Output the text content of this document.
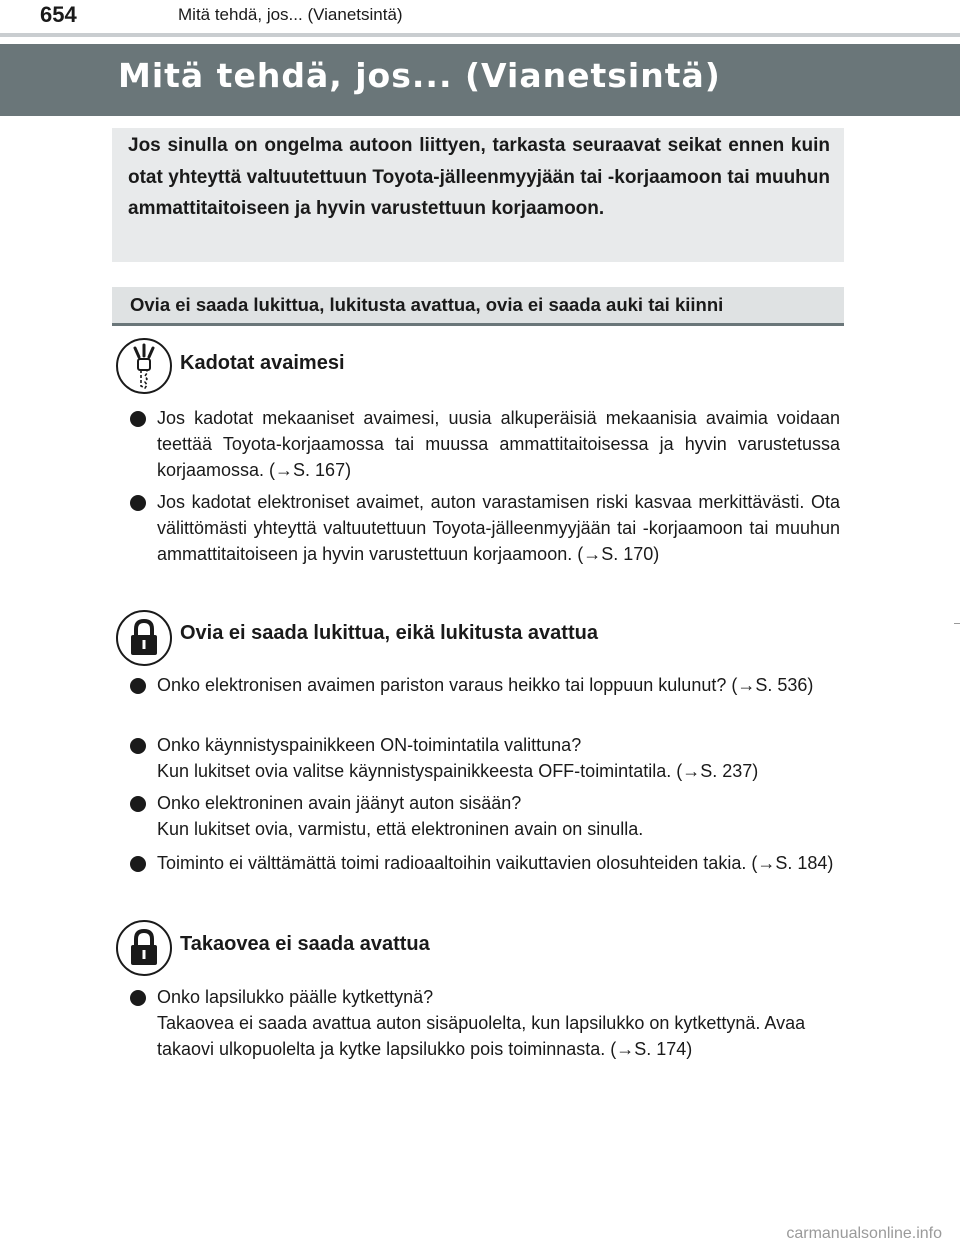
654	Mitä tehdä, jos... (Vianetsintä)
Mitä tehdä, jos... (Vianetsintä)
Jos sinulla on ongelma autoon liittyen, tarkasta seuraavat seikat ennen kuin otat yhteyttä valtuutettuun Toyota-jälleenmyyjään tai -korjaamoon tai muuhun ammattitaitoiseen ja hyvin varustettuun korjaamoon.
Ovia ei saada lukittua, lukitusta avattua, ovia ei saada auki tai kiinni
Kadotat avaimesi
Jos kadotat mekaaniset avaimesi, uusia alkuperäisiä mekaanisia avaimia voidaan teettää Toyota-korjaamossa tai muussa ammattitaitoisessa ja hyvin varustetussa korjaamossa. (→S. 167)
Jos kadotat elektroniset avaimet, auton varastamisen riski kasvaa merkittävästi. Ota välittömästi yhteyttä valtuutettuun Toyota-jälleenmyyjään tai -korjaamoon tai muuhun ammattitaitoiseen ja hyvin varustettuun korjaamoon. (→S. 170)
Ovia ei saada lukittua, eikä lukitusta avattua
Onko elektronisen avaimen pariston varaus heikko tai loppuun kulunut? (→S. 536)
Onko käynnistyspainikkeen ON-toimintatila valittuna?
Kun lukitset ovia valitse käynnistyspainikkeesta OFF-toimintatila. (→S. 237)
Onko elektroninen avain jäänyt auton sisään?
Kun lukitset ovia, varmistu, että elektroninen avain on sinulla.
Toiminto ei välttämättä toimi radioaaltoihin vaikuttavien olosuhteiden takia. (→S. 184)
Takaovea ei saada avattua
Onko lapsilukko päälle kytkettynä?
Takaovea ei saada avattua auton sisäpuolelta, kun lapsilukko on kytkettynä. Avaa takaovi ulkopuolelta ja kytke lapsilukko pois toiminnasta. (→S. 174)
carmanualsonline.info
